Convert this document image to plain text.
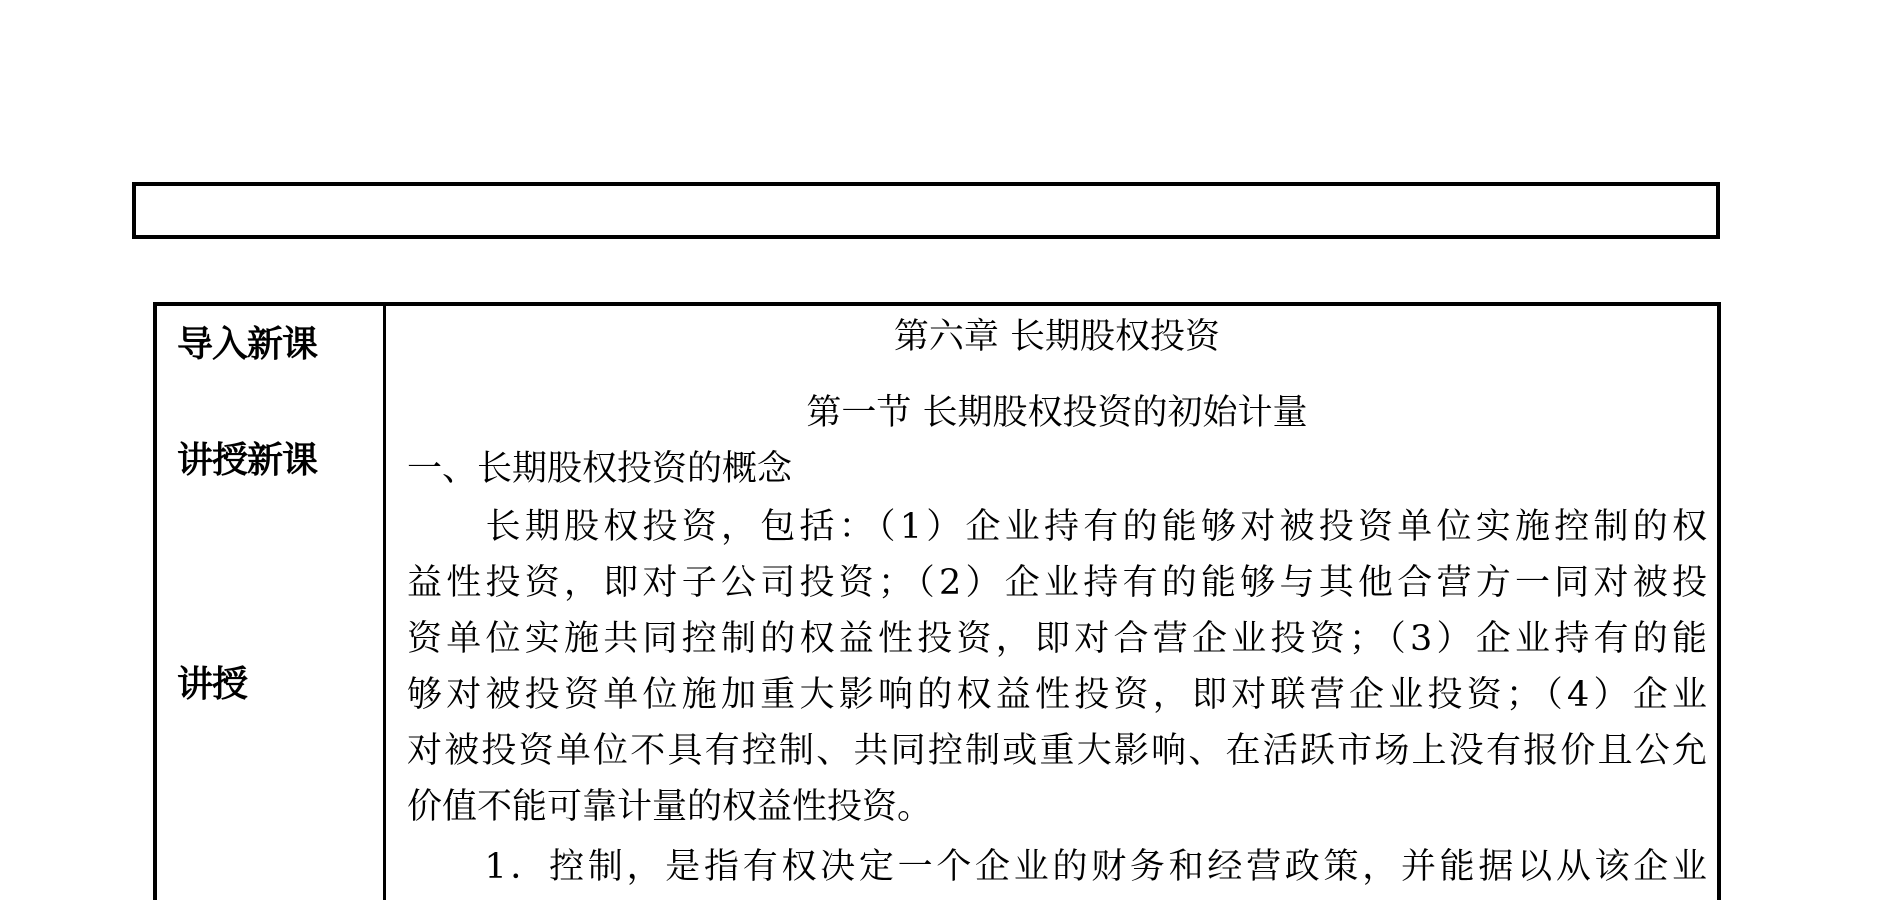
导入新课
讲授新课
讲授
第六章 长期股权投资
第一节 长期股权投资的初始计量
一、长期股权投资的概念
　　长期股权投资，包括：（1）企业持有的能够对被投资单位实施控制的权
益性投资，即对子公司投资；（2）企业持有的能够与其他合营方一同对被投
资单位实施共同控制的权益性投资，即对合营企业投资；（3）企业持有的能
够对被投资单位施加重大影响的权益性投资，即对联营企业投资；（4）企业
对被投资单位不具有控制、共同控制或重大影响、在活跃市场上没有报价且公允
价值不能可靠计量的权益性投资。
　　1．控制，是指有权决定一个企业的财务和经营政策，并能据以从该企业
